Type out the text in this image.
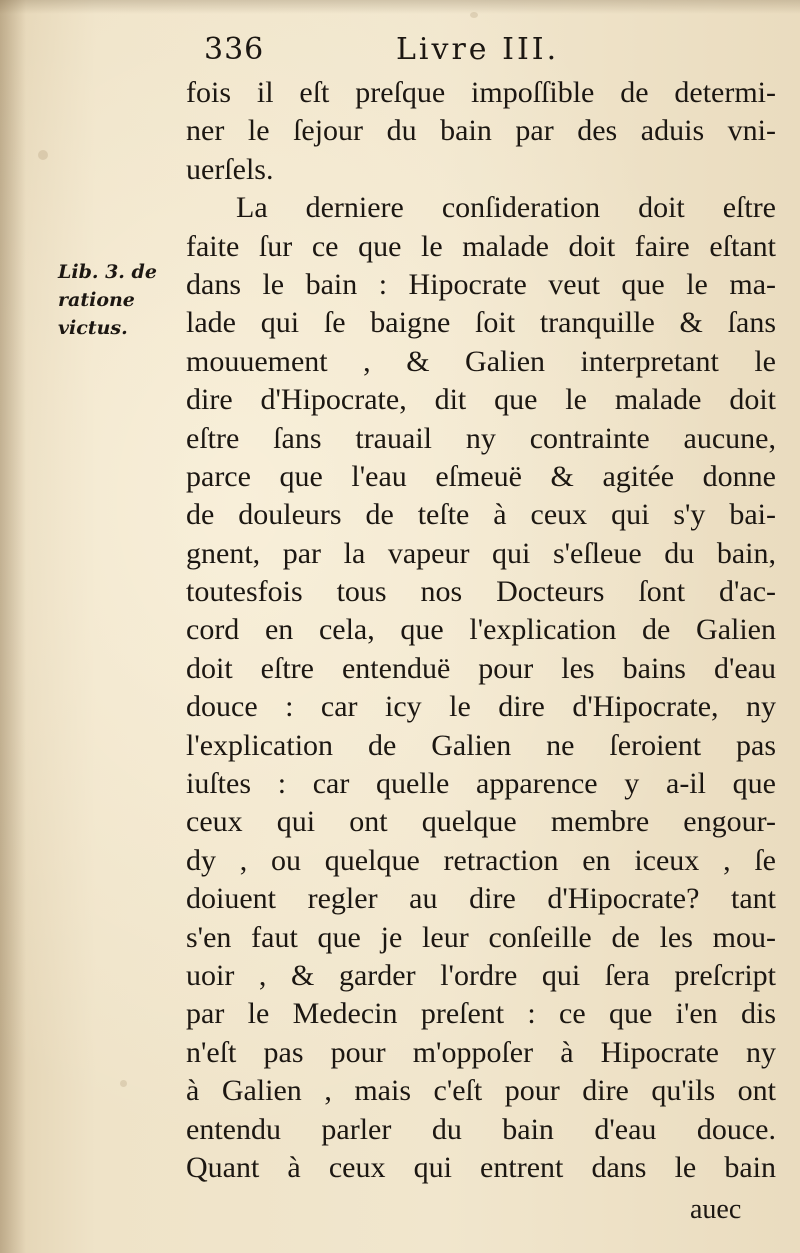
336	Livre III.
Lib. 3. de
ratione
victus.
fois il eſt preſque impoſſible de determi-
ner le ſejour du bain par des aduis vni-
uerſels.
La derniere conſideration doit eſtre
faite ſur ce que le malade doit faire eſtant
dans le bain : Hipocrate veut que le ma-
lade qui ſe baigne ſoit tranquille & ſans
mouuement , & Galien interpretant le
dire d'Hipocrate, dit que le malade doit
eſtre ſans trauail ny contrainte aucune,
parce que l'eau eſmeuë & agitée donne
de douleurs de teſte à ceux qui s'y bai-
gnent, par la vapeur qui s'eſleue du bain,
toutesfois tous nos Docteurs ſont d'ac-
cord en cela, que l'explication de Galien
doit eſtre entenduë pour les bains d'eau
douce : car icy le dire d'Hipocrate, ny
l'explication de Galien ne ſeroient pas
iuſtes : car quelle apparence y a-il que
ceux qui ont quelque membre engour-
dy , ou quelque retraction en iceux , ſe
doiuent regler au dire d'Hipocrate? tant
s'en faut que je leur conſeille de les mou-
uoir , & garder l'ordre qui ſera preſcript
par le Medecin preſent : ce que i'en dis
n'eſt pas pour m'oppoſer à Hipocrate ny
à Galien , mais c'eſt pour dire qu'ils ont
entendu parler du bain d'eau douce.
Quant à ceux qui entrent dans le bain
auec
